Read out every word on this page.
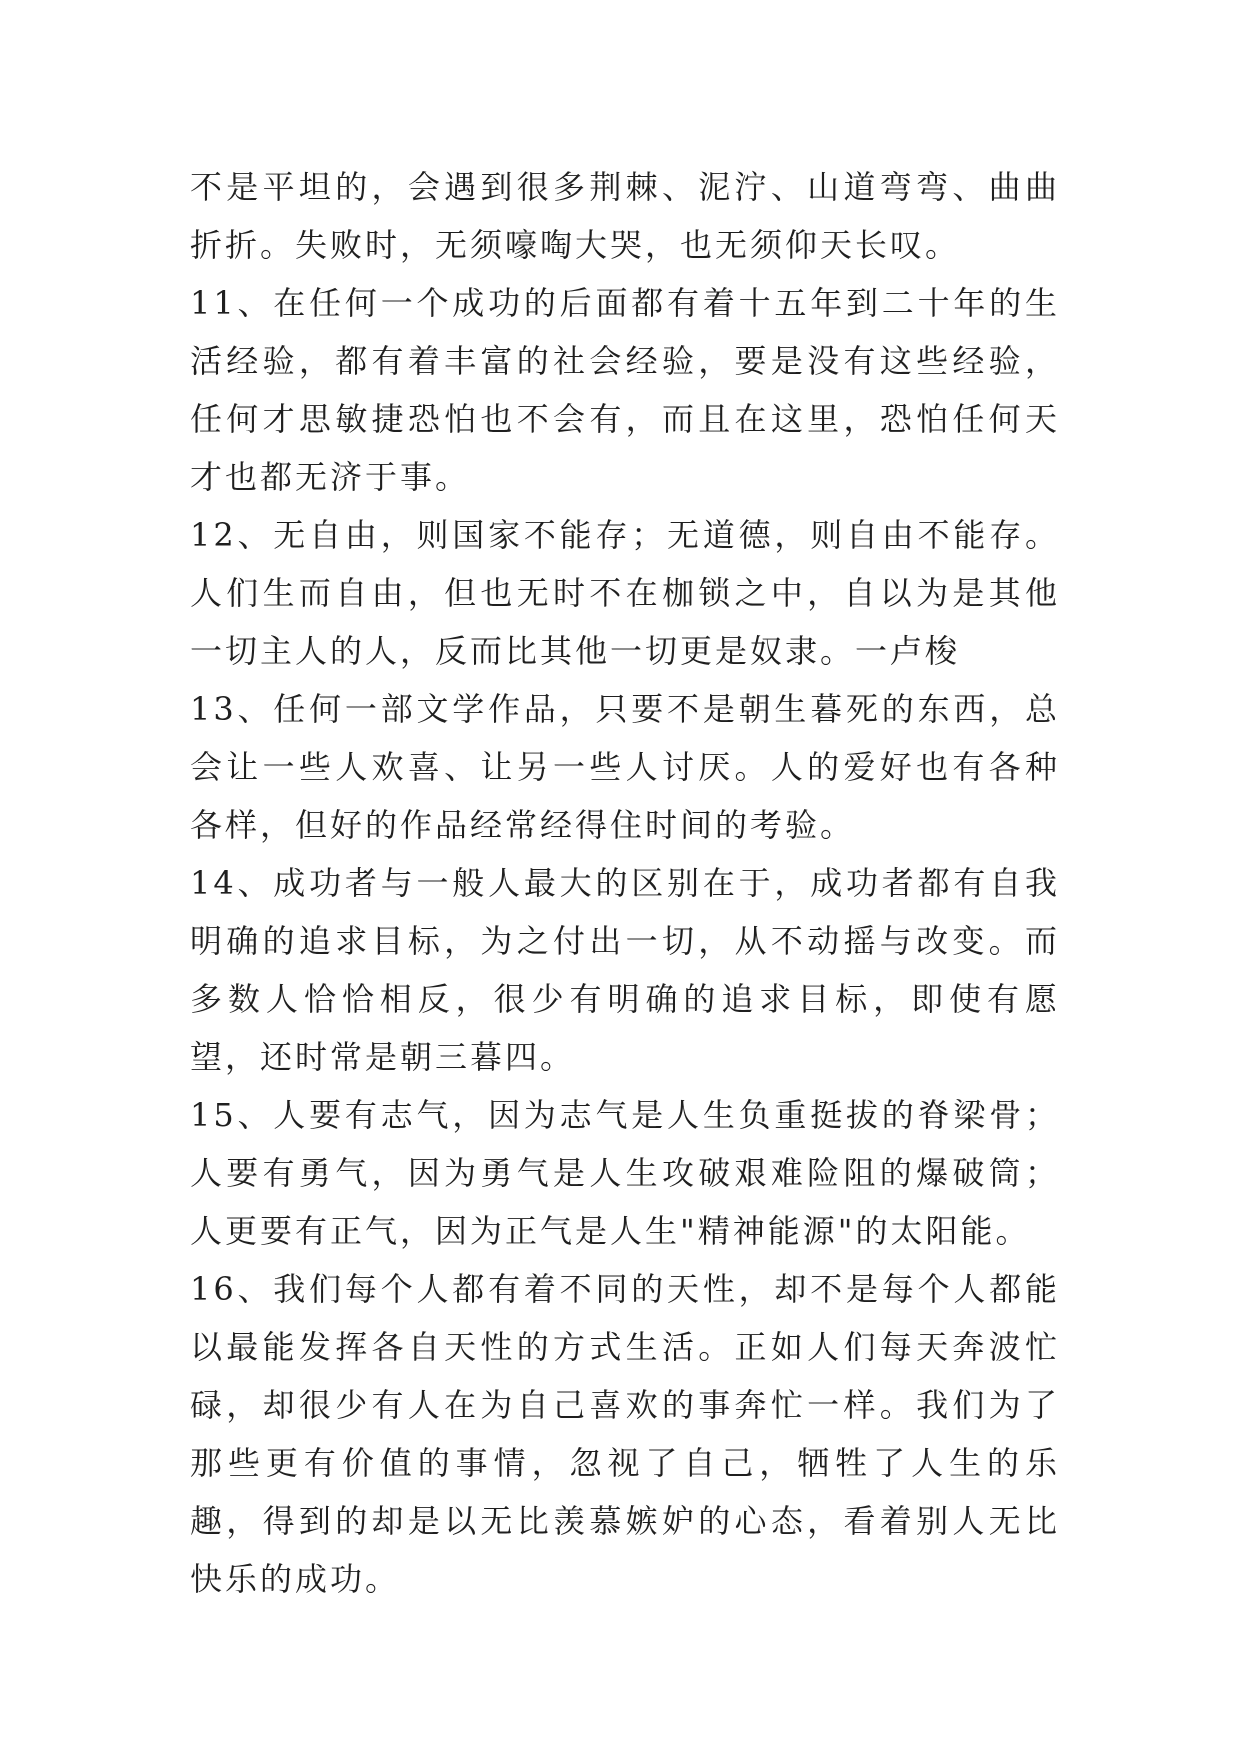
不是平坦的，会遇到很多荆棘、泥泞、山道弯弯、曲曲折折。失败时，无须嚎啕大哭，也无须仰天长叹。

11、在任何一个成功的后面都有着十五年到二十年的生活经验，都有着丰富的社会经验，要是没有这些经验，任何才思敏捷恐怕也不会有，而且在这里，恐怕任何天才也都无济于事。

12、无自由，则国家不能存；无道德，则自由不能存。人们生而自由，但也无时不在枷锁之中，自以为是其他一切主人的人，反而比其他一切更是奴隶。一卢梭

13、任何一部文学作品，只要不是朝生暮死的东西，总会让一些人欢喜、让另一些人讨厌。人的爱好也有各种各样，但好的作品经常经得住时间的考验。

14、成功者与一般人最大的区别在于，成功者都有自我明确的追求目标，为之付出一切，从不动摇与改变。而多数人恰恰相反，很少有明确的追求目标，即使有愿望，还时常是朝三暮四。

15、人要有志气，因为志气是人生负重挺拔的脊梁骨；人要有勇气，因为勇气是人生攻破艰难险阻的爆破筒；人更要有正气，因为正气是人生"精神能源"的太阳能。

16、我们每个人都有着不同的天性，却不是每个人都能以最能发挥各自天性的方式生活。正如人们每天奔波忙碌，却很少有人在为自己喜欢的事奔忙一样。我们为了那些更有价值的事情，忽视了自己，牺牲了人生的乐趣，得到的却是以无比羡慕嫉妒的心态，看着别人无比快乐的成功。
